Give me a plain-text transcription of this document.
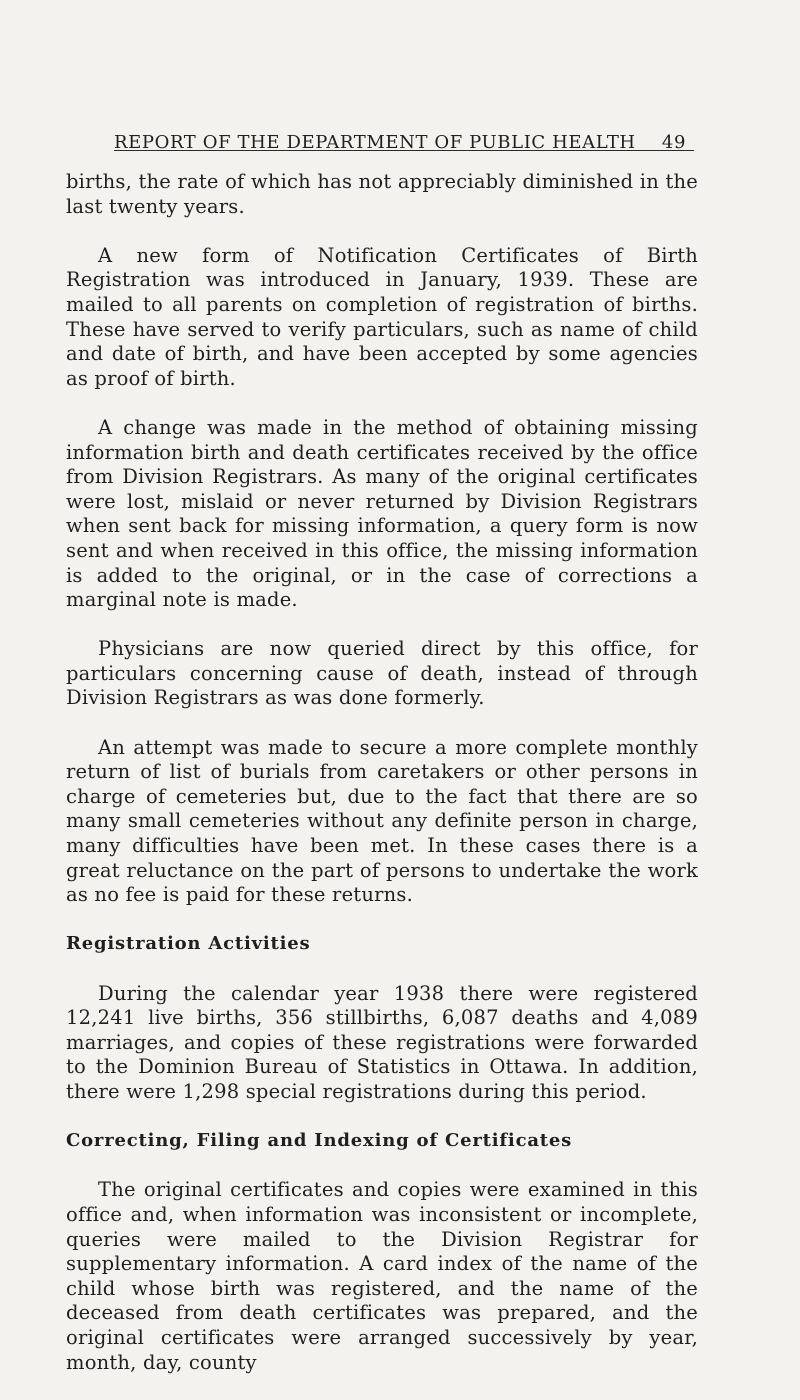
REPORT OF THE DEPARTMENT OF PUBLIC HEALTH 49

births, the rate of which has not appreciably diminished in the last twenty years.

A new form of Notification Certificates of Birth Registration was introduced in January, 1939. These are mailed to all parents on completion of registration of births. These have served to verify particulars, such as name of child and date of birth, and have been accepted by some agencies as proof of birth.

A change was made in the method of obtaining missing information birth and death certificates received by the office from Division Registrars. As many of the original certificates were lost, mislaid or never returned by Division Registrars when sent back for missing information, a query form is now sent and when received in this office, the missing information is added to the original, or in the case of corrections a marginal note is made.

Physicians are now queried direct by this office, for particulars concerning cause of death, instead of through Division Registrars as was done formerly.

An attempt was made to secure a more complete monthly return of list of burials from caretakers or other persons in charge of cemeteries but, due to the fact that there are so many small cemeteries without any definite person in charge, many difficulties have been met. In these cases there is a great reluctance on the part of persons to undertake the work as no fee is paid for these returns.

Registration Activities

During the calendar year 1938 there were registered 12,241 live births, 356 stillbirths, 6,087 deaths and 4,089 marriages, and copies of these registrations were forwarded to the Dominion Bureau of Statistics in Ottawa. In addition, there were 1,298 special registrations during this period.

Correcting, Filing and Indexing of Certificates

The original certificates and copies were examined in this office and, when information was inconsistent or incomplete, queries were mailed to the Division Registrar for supplementary information. A card index of the name of the child whose birth was registered, and the name of the deceased from death certificates was prepared, and the original certificates were arranged successively by year, month, day, county
